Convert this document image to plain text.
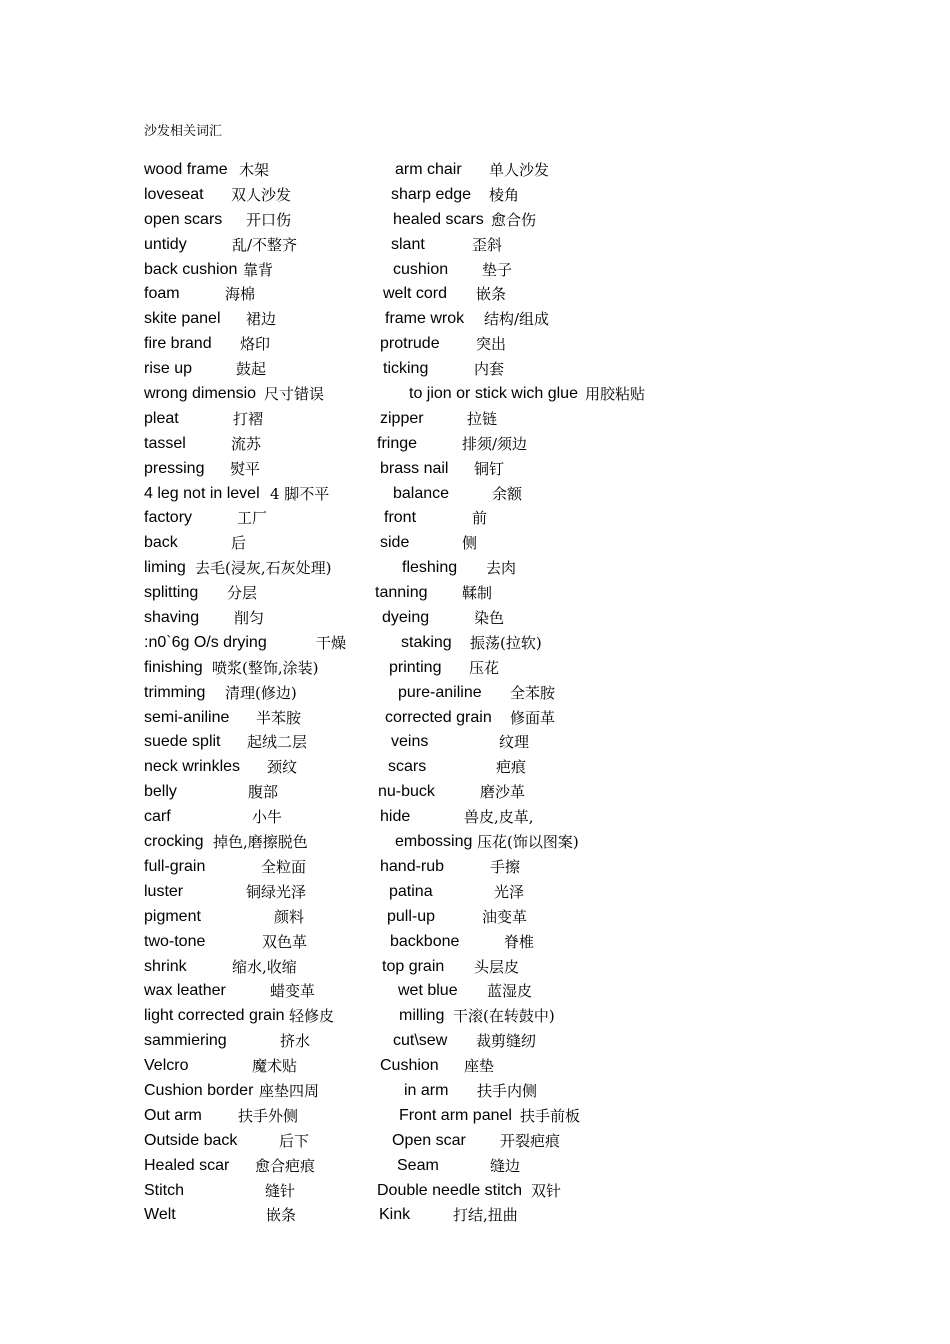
沙发相关词汇
wood frame 木架	arm chair 单人沙发
loveseat 双人沙发	sharp edge 棱角
open scars 开口伤	healed scars 愈合伤
untidy	乱/不整齐	slant	歪斜
back cushion 靠背	cushion 垫子
foam	海棉	welt cord 嵌条
skite panel 裙边	frame wrok 结构/组成
fire brand 烙印	protrude 突出
rise up	鼓起	ticking	内套
wrong dimensio 尺寸错误	to jion or stick wich glue 用胶粘贴
pleat	打褶	zipper	拉链
tassel	流苏	fringe	排须/须边
pressing 熨平	brass nail 铜钉
4 leg not in level 4 脚不平	balance	余额
factory	工厂	front	前
back	后	side	侧
liming 去毛(浸灰,石灰处理)	fleshing 去肉
splitting 分层	tanning 鞣制
shaving 削匀	dyeing	染色
:n0`6g O/s drying	干燥	staking 振荡(拉软)
finishing 喷浆(整饰,涂装)	printing 压花
trimming 清理(修边)	pure-aniline 全苯胺
semi-aniline 半苯胺	corrected grain 修面革
suede split 起绒二层	veins	纹理
neck wrinkles 颈纹	scars	疤痕
belly	腹部	nu-buck	磨沙革
carf	小牛	hide	兽皮,皮革,
crocking 掉色,磨擦脱色	embossing 压花(饰以图案)
full-grain	全粒面	hand-rub	手擦
luster	铜绿光泽	patina	光泽
pigment	颜料	pull-up	油变革
two-tone	双色革	backbone	脊椎
shrink	缩水,收缩	top grain 头层皮
wax leather	蜡变革	wet blue 蓝湿皮
light corrected grain 轻修皮	milling 干滚(在转鼓中)
sammiering	挤水	cut\sew 裁剪缝纫
Velcro	魔术贴	Cushion 座垫
Cushion border 座垫四周	in arm 扶手内侧
Out arm 扶手外侧	Front arm panel 扶手前板
Outside back	后下	Open scar 开裂疤痕
Healed scar 愈合疤痕	Seam	缝边
Stitch	缝针	Double needle stitch 双针
Welt	嵌条	Kink	打结,扭曲
